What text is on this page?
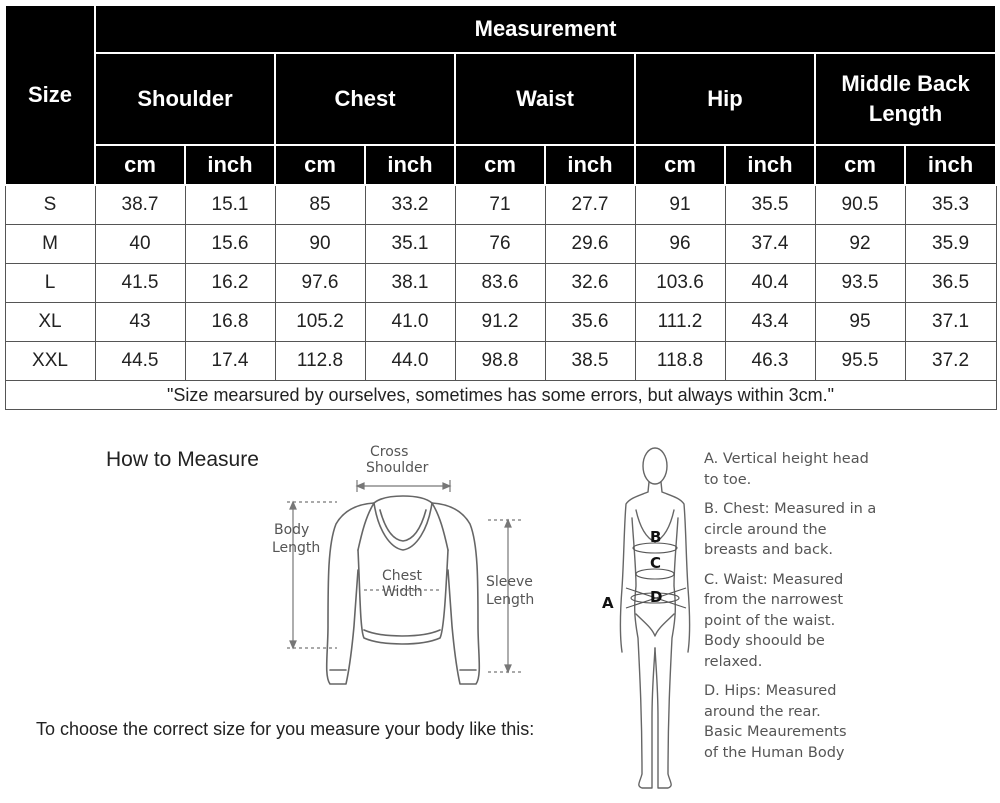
Size	Measurement									
	Shoulder		Chest		Waist		Hip		Middle Back Length	
	cm	inch	cm	inch	cm	inch	cm	inch	cm	inch
S	38.7	15.1	85	33.2	71	27.7	91	35.5	90.5	35.3
M	40	15.6	90	35.1	76	29.6	96	37.4	92	35.9
L	41.5	16.2	97.6	38.1	83.6	32.6	103.6	40.4	93.5	36.5
XL	43	16.8	105.2	41.0	91.2	35.6	111.2	43.4	95	37.1
XXL	44.5	17.4	112.8	44.0	98.8	38.5	118.8	46.3	95.5	37.2
"Size mearsured by ourselves, sometimes has some errors, but always within 3cm."										
How to Measure	Cross
Shoulder
Body
Length
Chest
Width
Sleeve
Length
B
C
D
A

A. Vertical height head
to toe.

B. Chest: Measured in a
circle around the
breasts and back.

C. Waist: Measured
from the narrowest
point of the waist.
Body shoould be
relaxed.

D. Hips: Measured
around the rear.
Basic Meaurements
of the Human Body

To choose the correct size for you measure your body like this:
